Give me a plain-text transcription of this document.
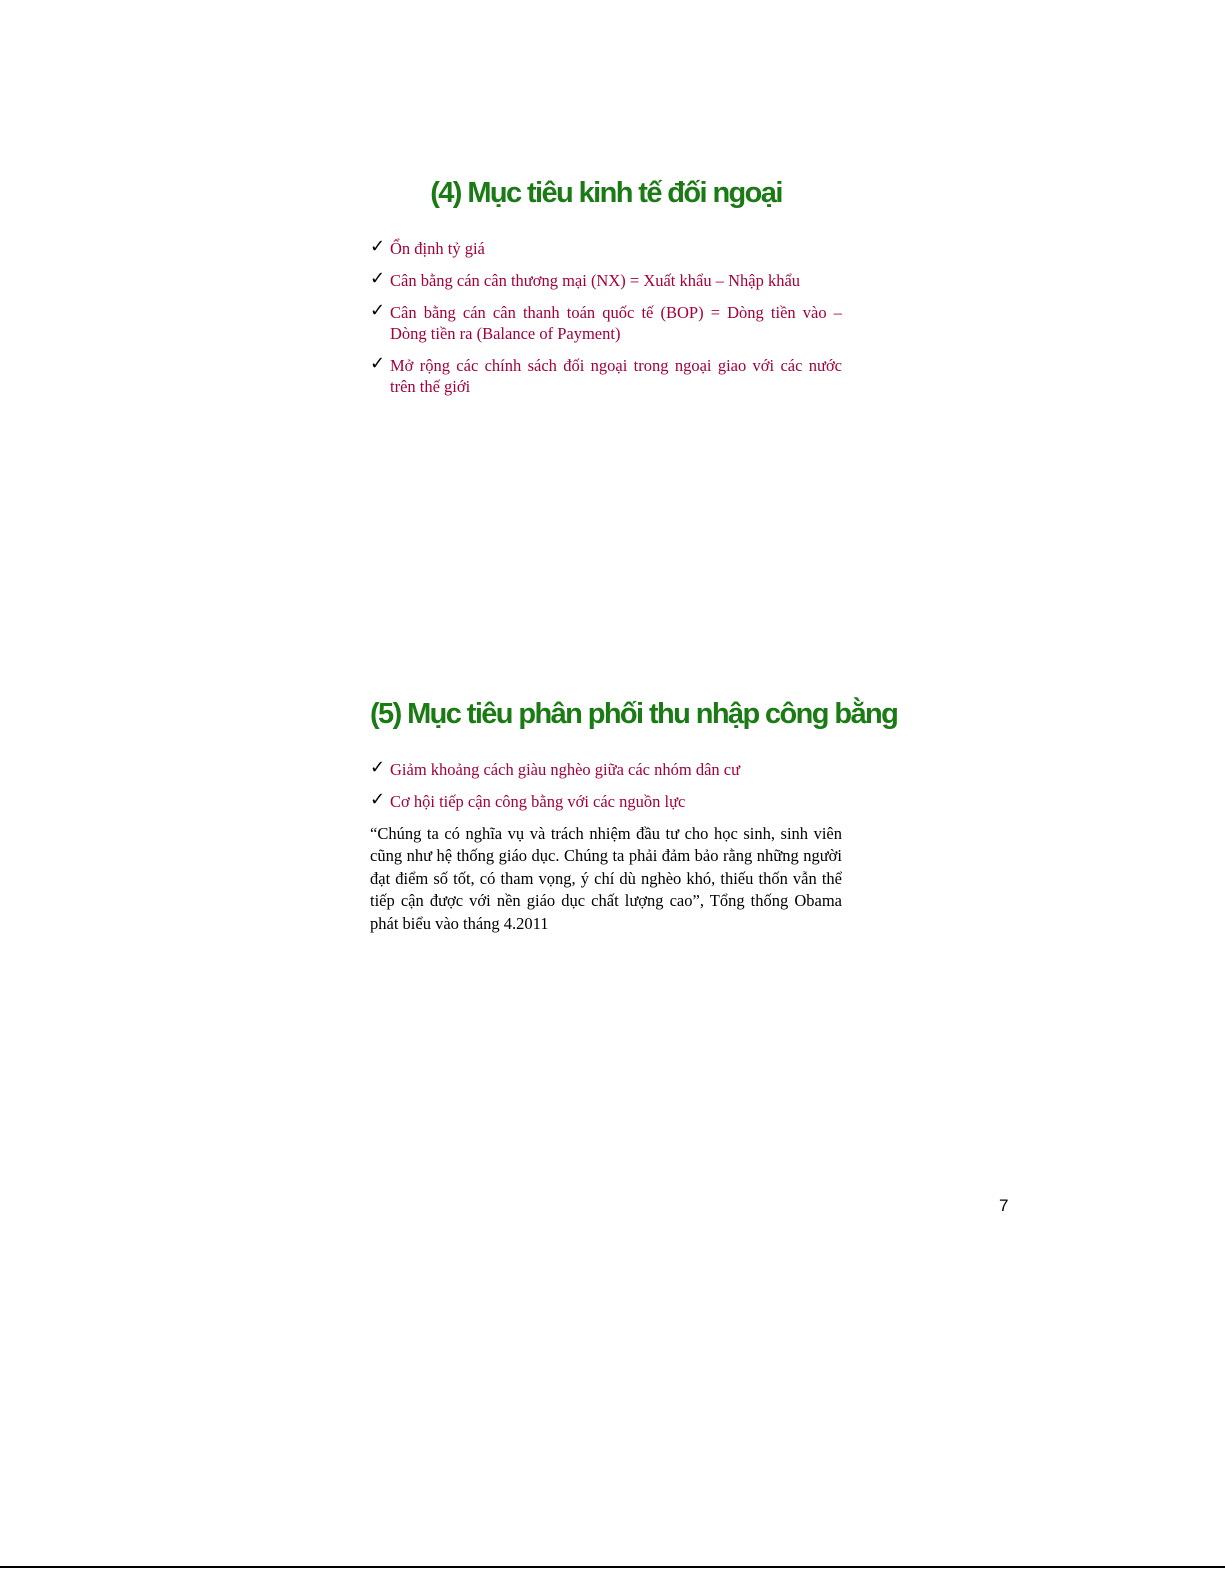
(4) Mục tiêu kinh tế đối ngoại
✓ Ổn định tỷ giá
✓ Cân bằng cán cân thương mại (NX) = Xuất khẩu – Nhập khẩu
✓ Cân bằng cán cân thanh toán quốc tế (BOP) = Dòng tiền vào – Dòng tiền ra (Balance of Payment)
✓ Mở rộng các chính sách đối ngoại trong ngoại giao với các nước trên thế giới
(5) Mục tiêu phân phối thu nhập công bằng
✓ Giảm khoảng cách giàu nghèo giữa các nhóm dân cư
✓ Cơ hội tiếp cận công bằng với các nguồn lực

“Chúng ta có nghĩa vụ và trách nhiệm đầu tư cho học sinh, sinh viên cũng như hệ thống giáo dục. Chúng ta phải đảm bảo rằng những người đạt điểm số tốt, có tham vọng, ý chí dù nghèo khó, thiếu thốn vẫn thể tiếp cận được với nền giáo dục chất lượng cao”, Tổng thống Obama phát biểu vào tháng 4.2011

7
